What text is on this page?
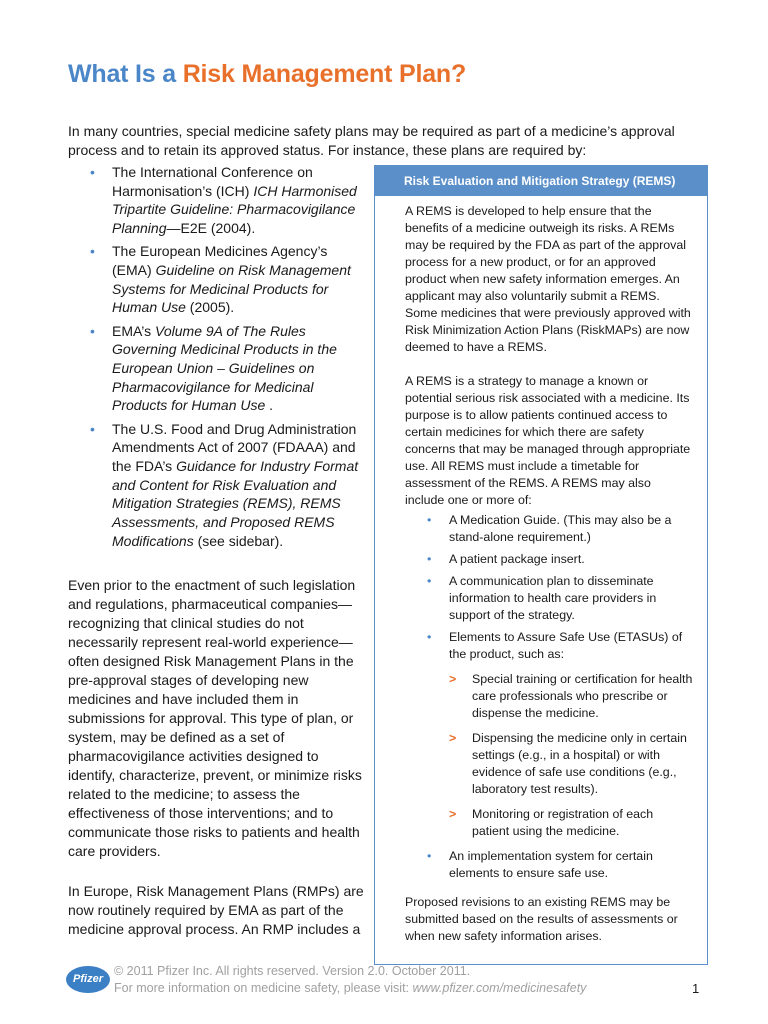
What Is a Risk Management Plan?

In many countries, special medicine safety plans may be required as part of a medicine’s approval process and to retain its approved status. For instance, these plans are required by:

• The International Conference on Harmonisation’s (ICH) ICH Harmonised Tripartite Guideline: Pharmacovigilance Planning—E2E (2004).
• The European Medicines Agency’s (EMA) Guideline on Risk Management Systems for Medicinal Products for Human Use (2005).
• EMA’s Volume 9A of The Rules Governing Medicinal Products in the European Union – Guidelines on Pharmacovigilance for Medicinal Products for Human Use .
• The U.S. Food and Drug Administration Amendments Act of 2007 (FDAAA) and the FDA’s Guidance for Industry Format and Content for Risk Evaluation and Mitigation Strategies (REMS), REMS Assessments, and Proposed REMS Modifications (see sidebar).

Even prior to the enactment of such legislation and regulations, pharmaceutical companies—recognizing that clinical studies do not necessarily represent real-world experience—often designed Risk Management Plans in the pre-approval stages of developing new medicines and have included them in submissions for approval. This type of plan, or system, may be defined as a set of pharmacovigilance activities designed to identify, characterize, prevent, or minimize risks related to the medicine; to assess the effectiveness of those interventions; and to communicate those risks to patients and health care providers.

In Europe, Risk Management Plans (RMPs) are now routinely required by EMA as part of the medicine approval process. An RMP includes a

Risk Evaluation and Mitigation Strategy (REMS)

A REMS is developed to help ensure that the benefits of a medicine outweigh its risks. A REMs may be required by the FDA as part of the approval process for a new product, or for an approved product when new safety information emerges. An applicant may also voluntarily submit a REMS. Some medicines that were previously approved with Risk Minimization Action Plans (RiskMAPs) are now deemed to have a REMS.

A REMS is a strategy to manage a known or potential serious risk associated with a medicine. Its purpose is to allow patients continued access to certain medicines for which there are safety concerns that may be managed through appropriate use. All REMS must include a timetable for assessment of the REMS. A REMS may also include one or more of:

• A Medication Guide. (This may also be a stand-alone requirement.)
• A patient package insert.
• A communication plan to disseminate information to health care providers in support of the strategy.
• Elements to Assure Safe Use (ETASUs) of the product, such as:
> Special training or certification for health care professionals who prescribe or dispense the medicine.
> Dispensing the medicine only in certain settings (e.g., in a hospital) or with evidence of safe use conditions (e.g., laboratory test results).
> Monitoring or registration of each patient using the medicine.
• An implementation system for certain elements to ensure safe use.

Proposed revisions to an existing REMS may be submitted based on the results of assessments or when new safety information arises.

Pfizer
© 2011 Pfizer Inc. All rights reserved. Version 2.0. October 2011.
For more information on medicine safety, please visit: www.pfizer.com/medicinesafety	1
